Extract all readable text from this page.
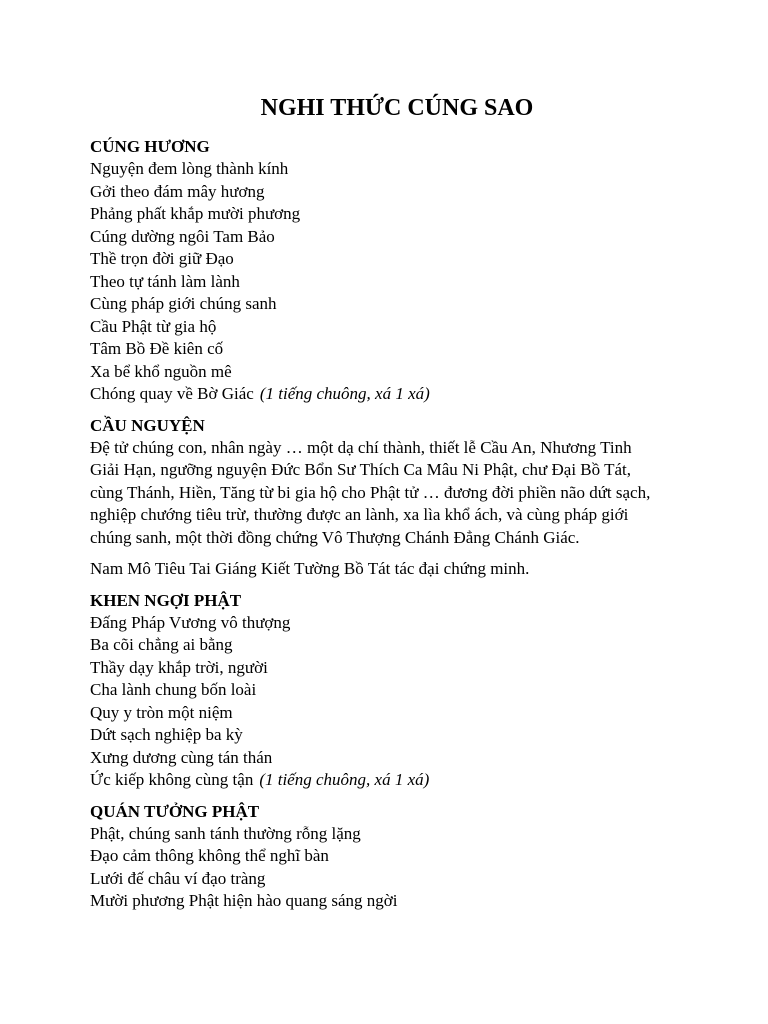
NGHI THỨC CÚNG SAO
CÚNG HƯƠNG
Nguyện đem lòng thành kính
Gởi theo đám mây hương
Phảng phất khắp mười phương
Cúng dường ngôi Tam Bảo
Thề trọn đời giữ Đạo
Theo tự tánh làm lành
Cùng pháp giới chúng sanh
Cầu Phật từ gia hộ
Tâm Bồ Đề kiên cố
Xa bể khổ nguồn mê
Chóng quay về Bờ Giác (1 tiếng chuông, xá 1 xá)
CẦU NGUYỆN
Đệ tử chúng con, nhân ngày … một dạ chí thành, thiết lễ Cầu An, Nhương Tinh
Giải Hạn, ngưỡng nguyện Đức Bổn Sư Thích Ca Mâu Ni Phật, chư Đại Bồ Tát,
cùng Thánh, Hiền, Tăng từ bi gia hộ cho Phật tử … đương đời phiền não dứt sạch,
nghiệp chướng tiêu trừ, thường được an lành, xa lìa khổ ách, và cùng pháp giới
chúng sanh, một thời đồng chứng Vô Thượng Chánh Đẳng Chánh Giác.
Nam Mô Tiêu Tai Giáng Kiết Tường Bồ Tát tác đại chứng minh.
KHEN NGỢI PHẬT
Đấng Pháp Vương vô thượng
Ba cõi chẳng ai bằng
Thầy dạy khắp trời, người
Cha lành chung bốn loài
Quy y tròn một niệm
Dứt sạch nghiệp ba kỳ
Xưng dương cùng tán thán
Ức kiếp không cùng tận (1 tiếng chuông, xá 1 xá)
QUÁN TƯỞNG PHẬT
Phật, chúng sanh tánh thường rỗng lặng
Đạo cảm thông không thể nghĩ bàn
Lưới đế châu ví đạo tràng
Mười phương Phật hiện hào quang sáng ngời
